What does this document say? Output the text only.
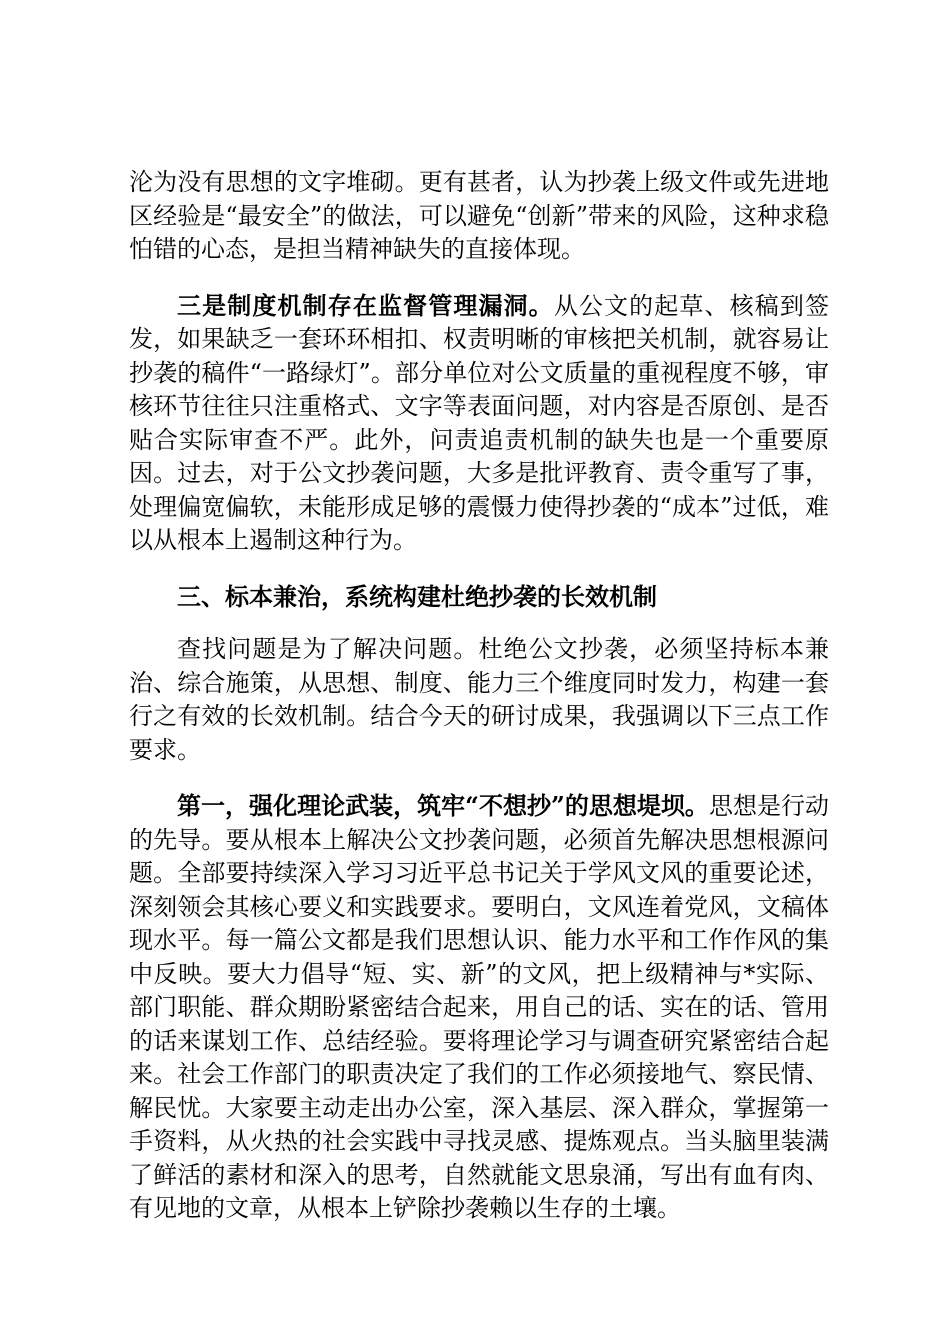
沦为没有思想的文字堆砌。更有甚者，认为抄袭上级文件或先进地区经验是“最安全”的做法，可以避免“创新”带来的风险，这种求稳怕错的心态，是担当精神缺失的直接体现。

三是制度机制存在监督管理漏洞。从公文的起草、核稿到签发，如果缺乏一套环环相扣、权责明晰的审核把关机制，就容易让抄袭的稿件“一路绿灯”。部分单位对公文质量的重视程度不够，审核环节往往只注重格式、文字等表面问题，对内容是否原创、是否贴合实际审查不严。此外，问责追责机制的缺失也是一个重要原因。过去，对于公文抄袭问题，大多是批评教育、责令重写了事，处理偏宽偏软，未能形成足够的震慑力使得抄袭的“成本”过低，难以从根本上遏制这种行为。

三、标本兼治，系统构建杜绝抄袭的长效机制

查找问题是为了解决问题。杜绝公文抄袭，必须坚持标本兼治、综合施策，从思想、制度、能力三个维度同时发力，构建一套行之有效的长效机制。结合今天的研讨成果，我强调以下三点工作要求。

第一，强化理论武装，筑牢“不想抄”的思想堤坝。思想是行动的先导。要从根本上解决公文抄袭问题，必须首先解决思想根源问题。全部要持续深入学习习近平总书记关于学风文风的重要论述，深刻领会其核心要义和实践要求。要明白，文风连着党风，文稿体现水平。每一篇公文都是我们思想认识、能力水平和工作作风的集中反映。要大力倡导“短、实、新”的文风，把上级精神与*实际、部门职能、群众期盼紧密结合起来，用自己的话、实在的话、管用的话来谋划工作、总结经验。要将理论学习与调查研究紧密结合起来。社会工作部门的职责决定了我们的工作必须接地气、察民情、解民忧。大家要主动走出办公室，深入基层、深入群众，掌握第一手资料，从火热的社会实践中寻找灵感、提炼观点。当头脑里装满了鲜活的素材和深入的思考，自然就能文思泉涌，写出有血有肉、有见地的文章，从根本上铲除抄袭赖以生存的土壤。
